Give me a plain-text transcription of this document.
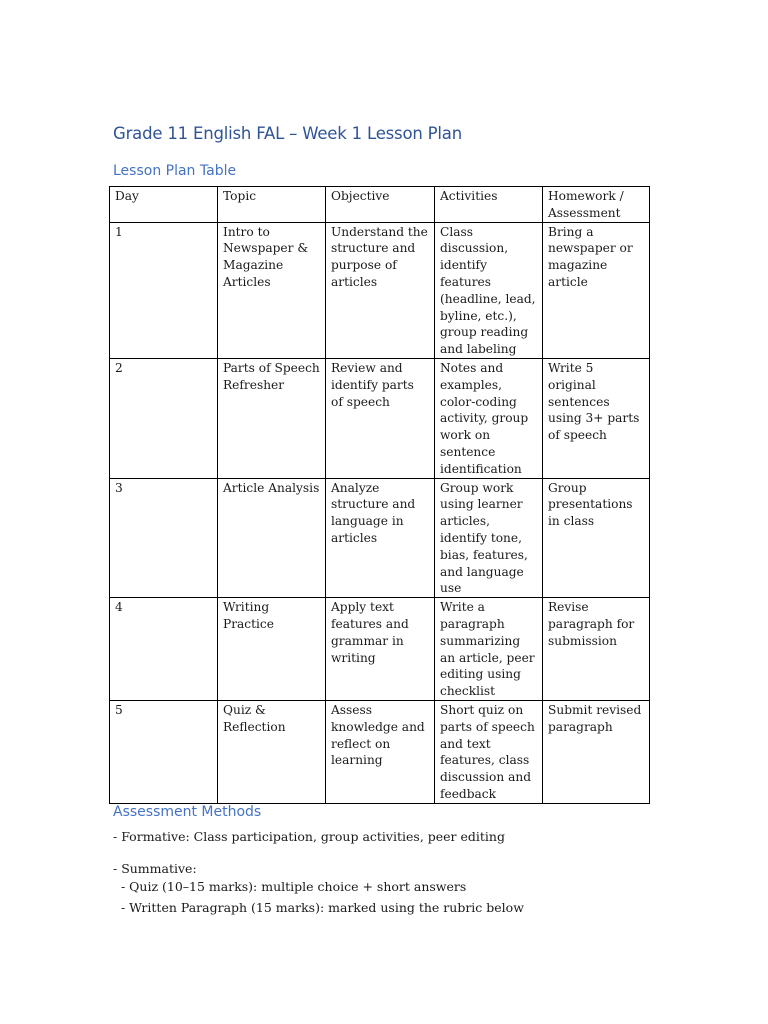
Grade 11 English FAL – Week 1 Lesson Plan
Lesson Plan Table
Day	Topic	Objective	Activities	Homework / Assessment
1	Intro to Newspaper & Magazine Articles	Understand the structure and purpose of articles	Class discussion, identify features (headline, lead, byline, etc.), group reading and labeling	Bring a newspaper or magazine article
2	Parts of Speech Refresher	Review and identify parts of speech	Notes and examples, color-coding activity, group work on sentence identification	Write 5 original sentences using 3+ parts of speech
3	Article Analysis	Analyze structure and language in articles	Group work using learner articles, identify tone, bias, features, and language use	Group presentations in class
4	Writing Practice	Apply text features and grammar in writing	Write a paragraph summarizing an article, peer editing using checklist	Revise paragraph for submission
5	Quiz & Reflection	Assess knowledge and reflect on learning	Short quiz on parts of speech and text features, class discussion and feedback	Submit revised paragraph
Assessment Methods
- Formative: Class participation, group activities, peer editing
- Summative:
- Quiz (10–15 marks): multiple choice + short answers
- Written Paragraph (15 marks): marked using the rubric below
